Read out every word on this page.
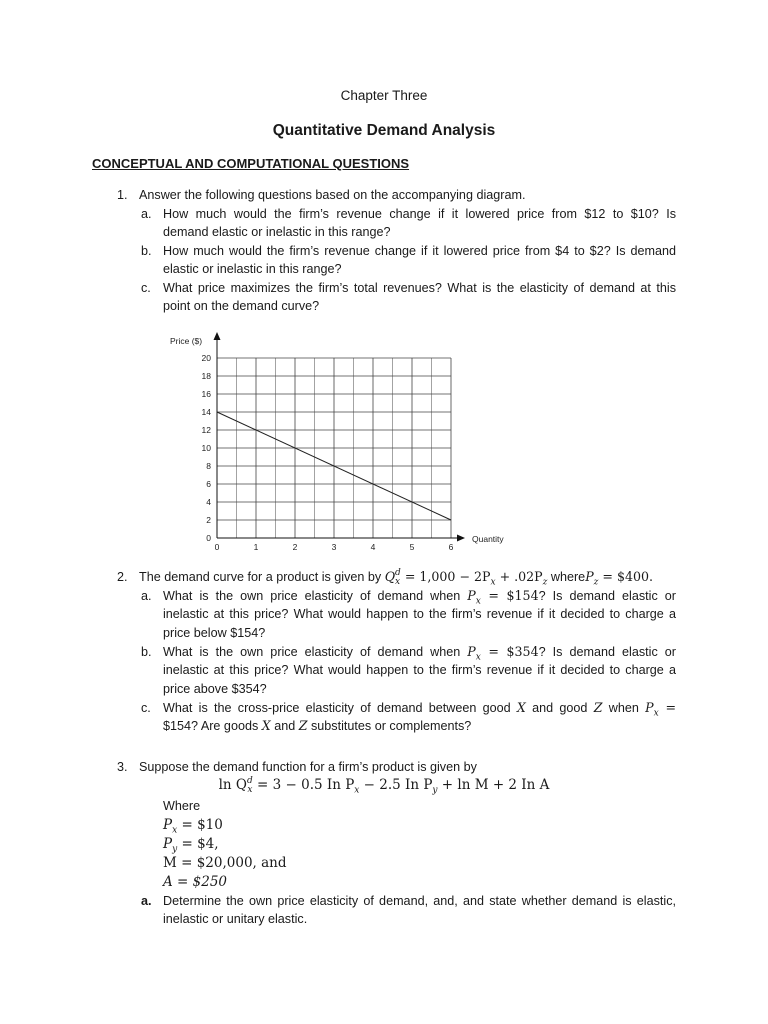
Chapter Three
Quantitative Demand Analysis
CONCEPTUAL AND COMPUTATIONAL QUESTIONS
1. Answer the following questions based on the accompanying diagram.
a. How much would the firm’s revenue change if it lowered price from $12 to $10? Is
demand elastic or inelastic in this range?
b. How much would the firm’s revenue change if it lowered price from $4 to $2? Is demand
elastic or inelastic in this range?
c. What price maximizes the firm’s total revenues? What is the elasticity of demand at this
point on the demand curve?
0	1	2	3	4	5	6
0
2
4
6
8
10
12
14
16
18
20
Price ($)
Quantity
2. The demand curve for a product is given by Q d
$x = 1,000 - 2P_x + .02P_z$ whereP$_z$ = $400.
a. What is the own price elasticity of demand when $P_x$ = $154? Is demand elastic or
inelastic at this price? What would happen to the firm’s revenue if it decided to charge a
price below $154?
b. What is the own price elasticity of demand when $P_x$ = $354? Is demand elastic or
inelastic at this price? What would happen to the firm’s revenue if it decided to charge a
price above $354?
c. What is the cross-price elasticity of demand between good X and good Z when $P_x$ =
$154? Are goods X and Z substitutes or complements?
3. Suppose the demand function for a firm’s product is given by
ln Q d
x = 3 − 0.5 In $P_x - 2.5$ In $P_y + \ln M + 2$ In A
Where
$P_x$ = $10
$P_y$ = $4,
M = $20,000, and
A = $250
a. Determine the own price elasticity of demand, and, and state whether demand is elastic,
inelastic or unitary elastic.
